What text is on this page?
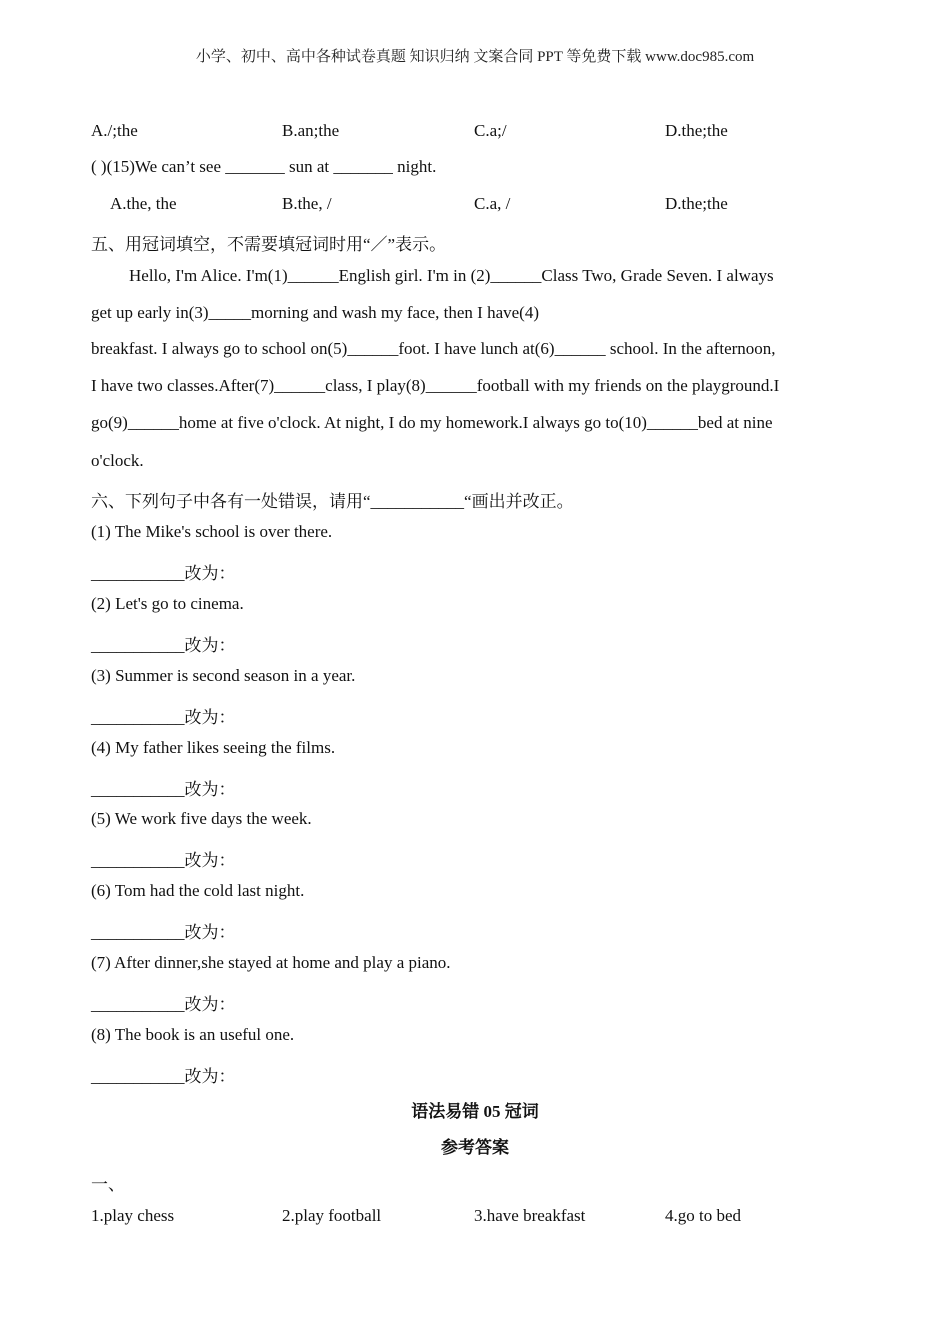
小学、初中、高中各种试卷真题 知识归纳 文案合同 PPT 等免费下载 www.doc985.com
A./;the	B.an;the	C.a;/	D.the;the
( )(15)We can’t see _______ sun at _______ night.
A.the, the	B.the, /	C.a, /	D.the;the
五、用冠词填空，不需要填冠词时用“／”表示。
Hello, I'm Alice. I'm(1)______English girl. I'm in (2)______Class Two, Grade Seven. I always
get up early in(3)_____morning and wash my face, then I have(4)
breakfast. I always go to school on(5)______foot. I have lunch at(6)______ school. In the afternoon,
I have two classes.After(7)______class, I play(8)______football with my friends on the playground.I
go(9)______home at five o'clock. At night, I do my homework.I always go to(10)______bed at nine
o'clock.
六、下列句子中各有一处错误，请用“___________“画出并改正。
(1) The Mike's school is over there.
___________改为：
(2) Let's go to cinema.
___________改为：
(3) Summer is second season in a year.
___________改为：
(4) My father likes seeing the films.
___________改为：
(5) We work five days the week.
___________改为：
(6) Tom had the cold last night.
___________改为：
(7) After dinner,she stayed at home and play a piano.
___________改为：
(8) The book is an useful one.
___________改为：
语法易错 05 冠词
参考答案
一、
1.play chess	2.play football	3.have breakfast	4.go to bed
